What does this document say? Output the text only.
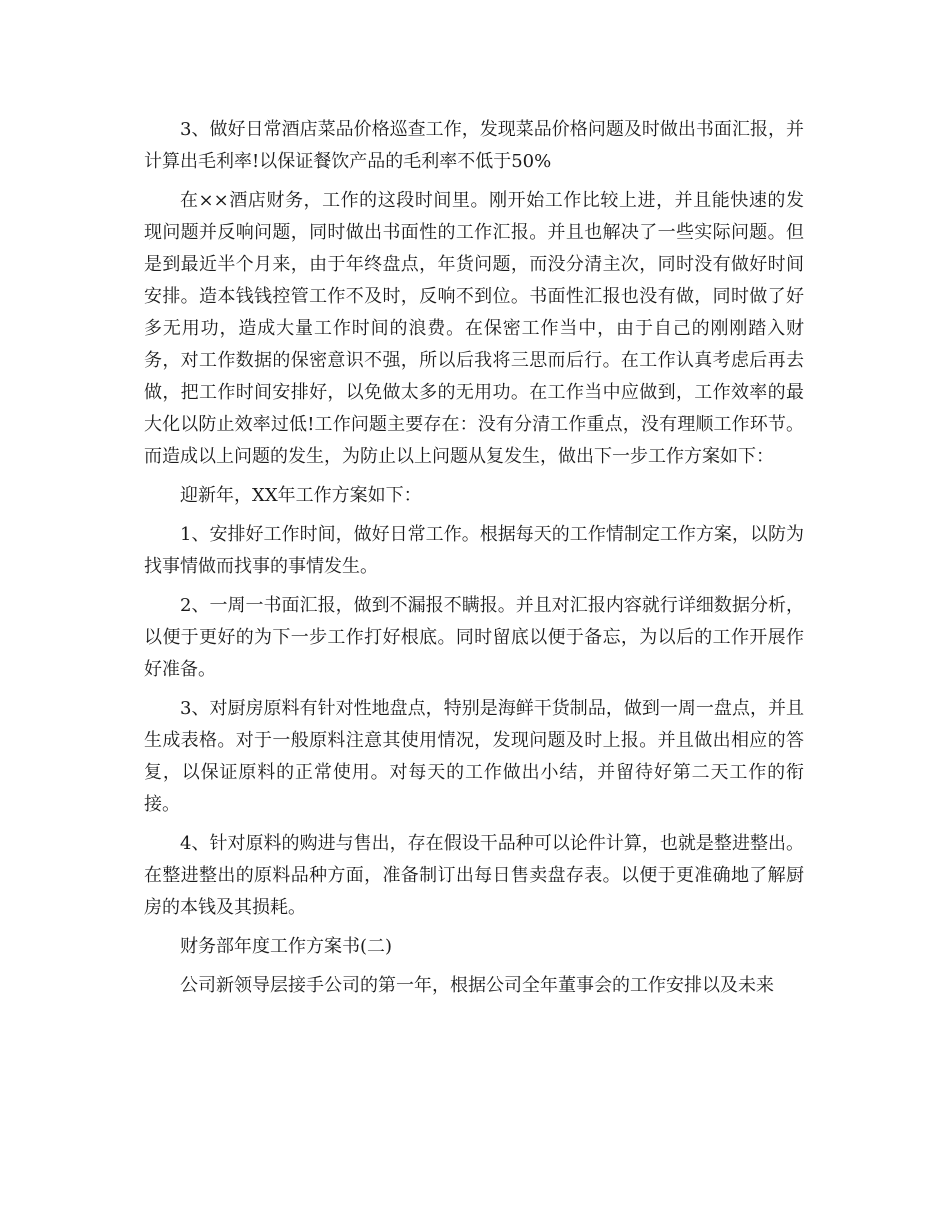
3、做好日常酒店菜品价格巡查工作，发现菜品价格问题及时做出书面汇报，并计算出毛利率!以保证餐饮产品的毛利率不低于50%

在××酒店财务，工作的这段时间里。刚开始工作比较上进，并且能快速的发现问题并反响问题，同时做出书面性的工作汇报。并且也解决了一些实际问题。但是到最近半个月来，由于年终盘点，年货问题，而没分清主次，同时没有做好时间安排。造本钱钱控管工作不及时，反响不到位。书面性汇报也没有做，同时做了好多无用功，造成大量工作时间的浪费。在保密工作当中，由于自己的刚刚踏入财务，对工作数据的保密意识不强，所以后我将三思而后行。在工作认真考虑后再去做，把工作时间安排好，以免做太多的无用功。在工作当中应做到，工作效率的最大化以防止效率过低!工作问题主要存在：没有分清工作重点，没有理顺工作环节。而造成以上问题的发生，为防止以上问题从复发生，做出下一步工作方案如下：

迎新年，XX年工作方案如下：

1、安排好工作时间，做好日常工作。根据每天的工作情制定工作方案，以防为找事情做而找事的事情发生。

2、一周一书面汇报，做到不漏报不瞒报。并且对汇报内容就行详细数据分析，以便于更好的为下一步工作打好根底。同时留底以便于备忘，为以后的工作开展作好准备。

3、对厨房原料有针对性地盘点，特别是海鲜干货制品，做到一周一盘点，并且生成表格。对于一般原料注意其使用情况，发现问题及时上报。并且做出相应的答复，以保证原料的正常使用。对每天的工作做出小结，并留待好第二天工作的衔接。

4、针对原料的购进与售出，存在假设干品种可以论件计算，也就是整进整出。在整进整出的原料品种方面，准备制订出每日售卖盘存表。以便于更准确地了解厨房的本钱及其损耗。

财务部年度工作方案书(二)

公司新领导层接手公司的第一年，根据公司全年董事会的工作安排以及未来
